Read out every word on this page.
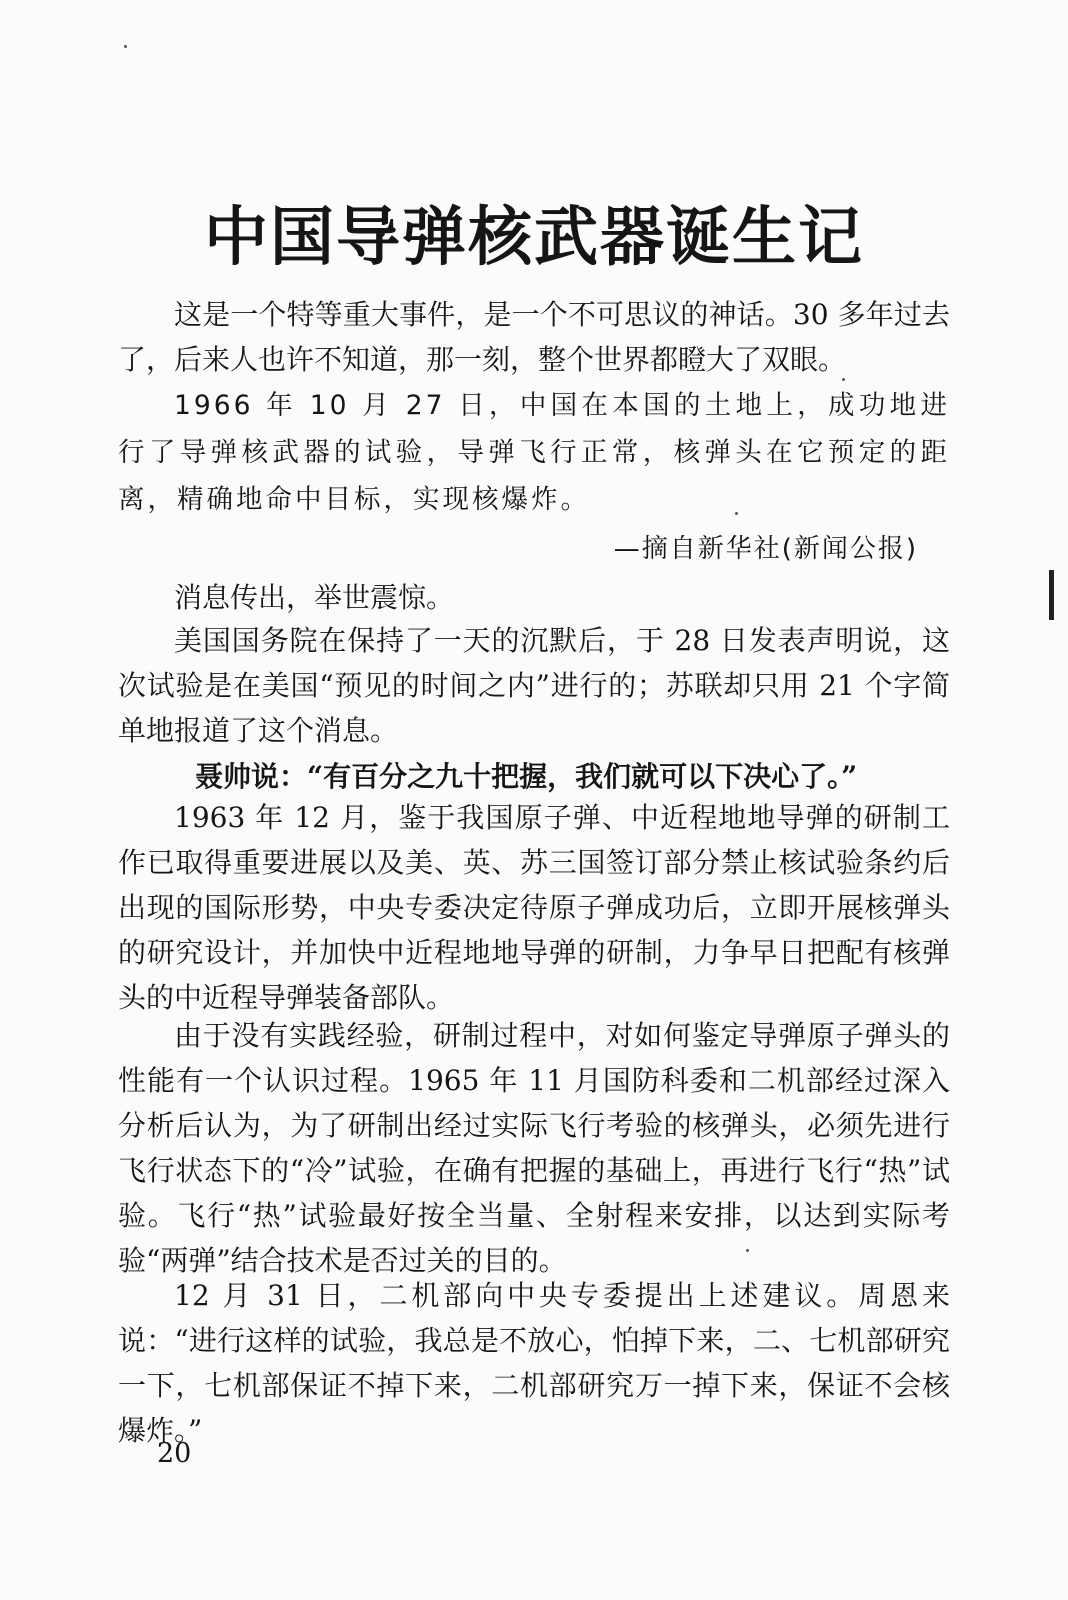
中国导弹核武器诞生记

这是一个特等重大事件，是一个不可思议的神话。30 多年过去了，后来人也许不知道，那一刻，整个世界都瞪大了双眼。

1966 年 10 月 27 日，中国在本国的土地上，成功地进行了导弹核武器的试验，导弹飞行正常，核弹头在它预定的距离，精确地命中目标，实现核爆炸。

—摘自新华社(新闻公报)

消息传出，举世震惊。

美国国务院在保持了一天的沉默后，于 28 日发表声明说，这次试验是在美国“预见的时间之内”进行的；苏联却只用 21 个字简单地报道了这个消息。

聂帅说：“有百分之九十把握，我们就可以下决心了。”

1963 年 12 月，鉴于我国原子弹、中近程地地导弹的研制工作已取得重要进展以及美、英、苏三国签订部分禁止核试验条约后出现的国际形势，中央专委决定待原子弹成功后，立即开展核弹头的研究设计，并加快中近程地地导弹的研制，力争早日把配有核弹头的中近程导弹装备部队。

由于没有实践经验，研制过程中，对如何鉴定导弹原子弹头的性能有一个认识过程。1965 年 11 月国防科委和二机部经过深入分析后认为，为了研制出经过实际飞行考验的核弹头，必须先进行飞行状态下的“冷”试验，在确有把握的基础上，再进行飞行“热”试验。飞行“热”试验最好按全当量、全射程来安排，以达到实际考验“两弹”结合技术是否过关的目的。

12 月 31 日，二机部向中央专委提出上述建议。周恩来说：“进行这样的试验，我总是不放心，怕掉下来，二、七机部研究一下，七机部保证不掉下来，二机部研究万一掉下来，保证不会核爆炸。”

20
